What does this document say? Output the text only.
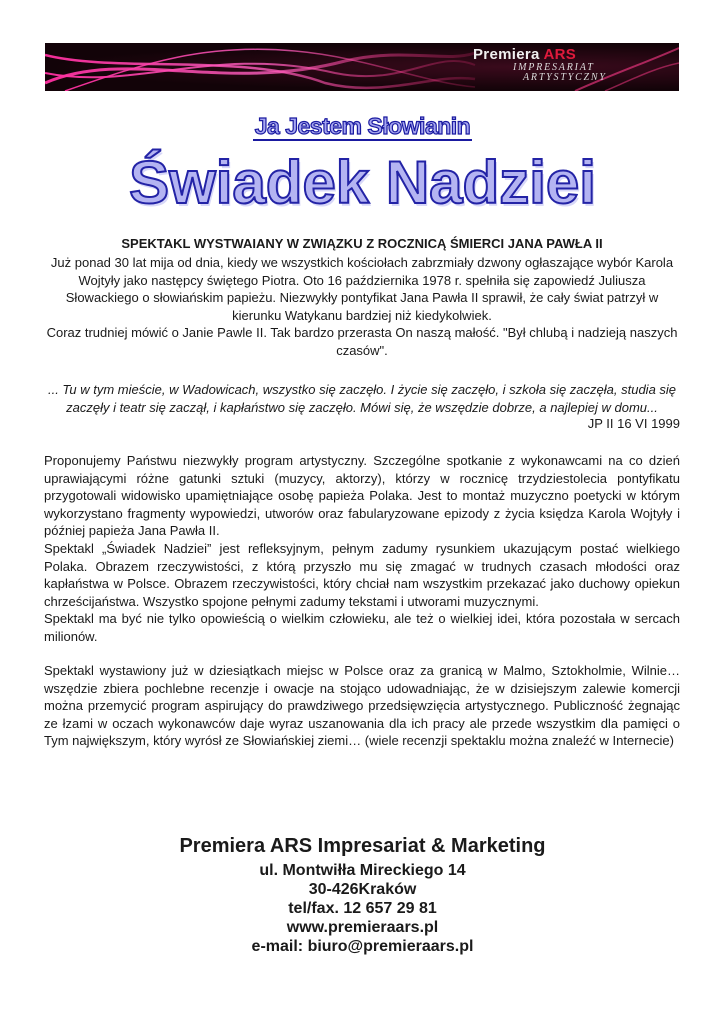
Premiera ARS
IMPRESARIAT
ARTYSTYCZNY
Ja Jestem Słowianin
Świadek Nadziei
SPEKTAKL WYSTWAIANY W ZWIĄZKU Z ROCZNICĄ ŚMIERCI JANA PAWŁA II
Już ponad 30 lat mija od dnia, kiedy we wszystkich kościołach zabrzmiały dzwony ogłaszające wybór Karola Wojtyły jako następcy świętego Piotra. Oto 16 października 1978 r. spełniła się zapowiedź Juliusza Słowackiego o słowiańskim papieżu. Niezwykły pontyfikat Jana Pawła II sprawił, że cały świat patrzył w kierunku Watykanu bardziej niż kiedykolwiek.
Coraz trudniej mówić o Janie Pawle II. Tak bardzo przerasta On naszą małość. "Był chlubą i nadzieją naszych czasów".
... Tu w tym mieście, w Wadowicach, wszystko się zaczęło. I życie się zaczęło, i szkoła się zaczęła, studia się zaczęły i teatr się zaczął, i kapłaństwo się zaczęło. Mówi się, że wszędzie dobrze, a najlepiej w domu...
JP II 16 VI 1999
Proponujemy Państwu niezwykły program artystyczny. Szczególne spotkanie z wykonawcami na co dzień uprawiającymi różne gatunki sztuki (muzycy, aktorzy), którzy w rocznicę trzydziestolecia pontyfikatu przygotowali widowisko upamiętniające osobę papieża Polaka. Jest to montaż muzyczno poetycki w którym wykorzystano fragmenty wypowiedzi, utworów oraz fabularyzowane epizody z życia księdza Karola Wojtyły i później papieża Jana Pawła II.
Spektakl „Świadek Nadziei” jest refleksyjnym, pełnym zadumy rysunkiem ukazującym postać wielkiego Polaka. Obrazem rzeczywistości, z którą przyszło mu się zmagać w trudnych czasach młodości oraz kapłaństwa w Polsce. Obrazem rzeczywistości, który chciał nam wszystkim przekazać jako duchowy opiekun chrześcijaństwa. Wszystko spojone pełnymi zadumy tekstami i utworami muzycznymi.
Spektakl ma być nie tylko opowieścią o wielkim człowieku, ale też o wielkiej idei, która pozostała w sercach milionów.
Spektakl wystawiony już w dziesiątkach miejsc w Polsce oraz za granicą w Malmo, Sztokholmie, Wilnie… wszędzie zbiera pochlebne recenzje i owacje na stojąco udowadniając, że w dzisiejszym zalewie komercji można przemycić program aspirujący do prawdziwego przedsięwzięcia artystycznego. Publiczność żegnając ze łzami w oczach wykonawców daje wyraz uszanowania dla ich pracy ale przede wszystkim dla pamięci o Tym największym, który wyrósł ze Słowiańskiej ziemi… (wiele recenzji spektaklu można znaleźć w Internecie)
Premiera ARS Impresariat & Marketing
ul. Montwiłła Mireckiego 14
30-426Kraków
tel/fax. 12 657 29 81
www.premieraars.pl
e-mail: biuro@premieraars.pl
